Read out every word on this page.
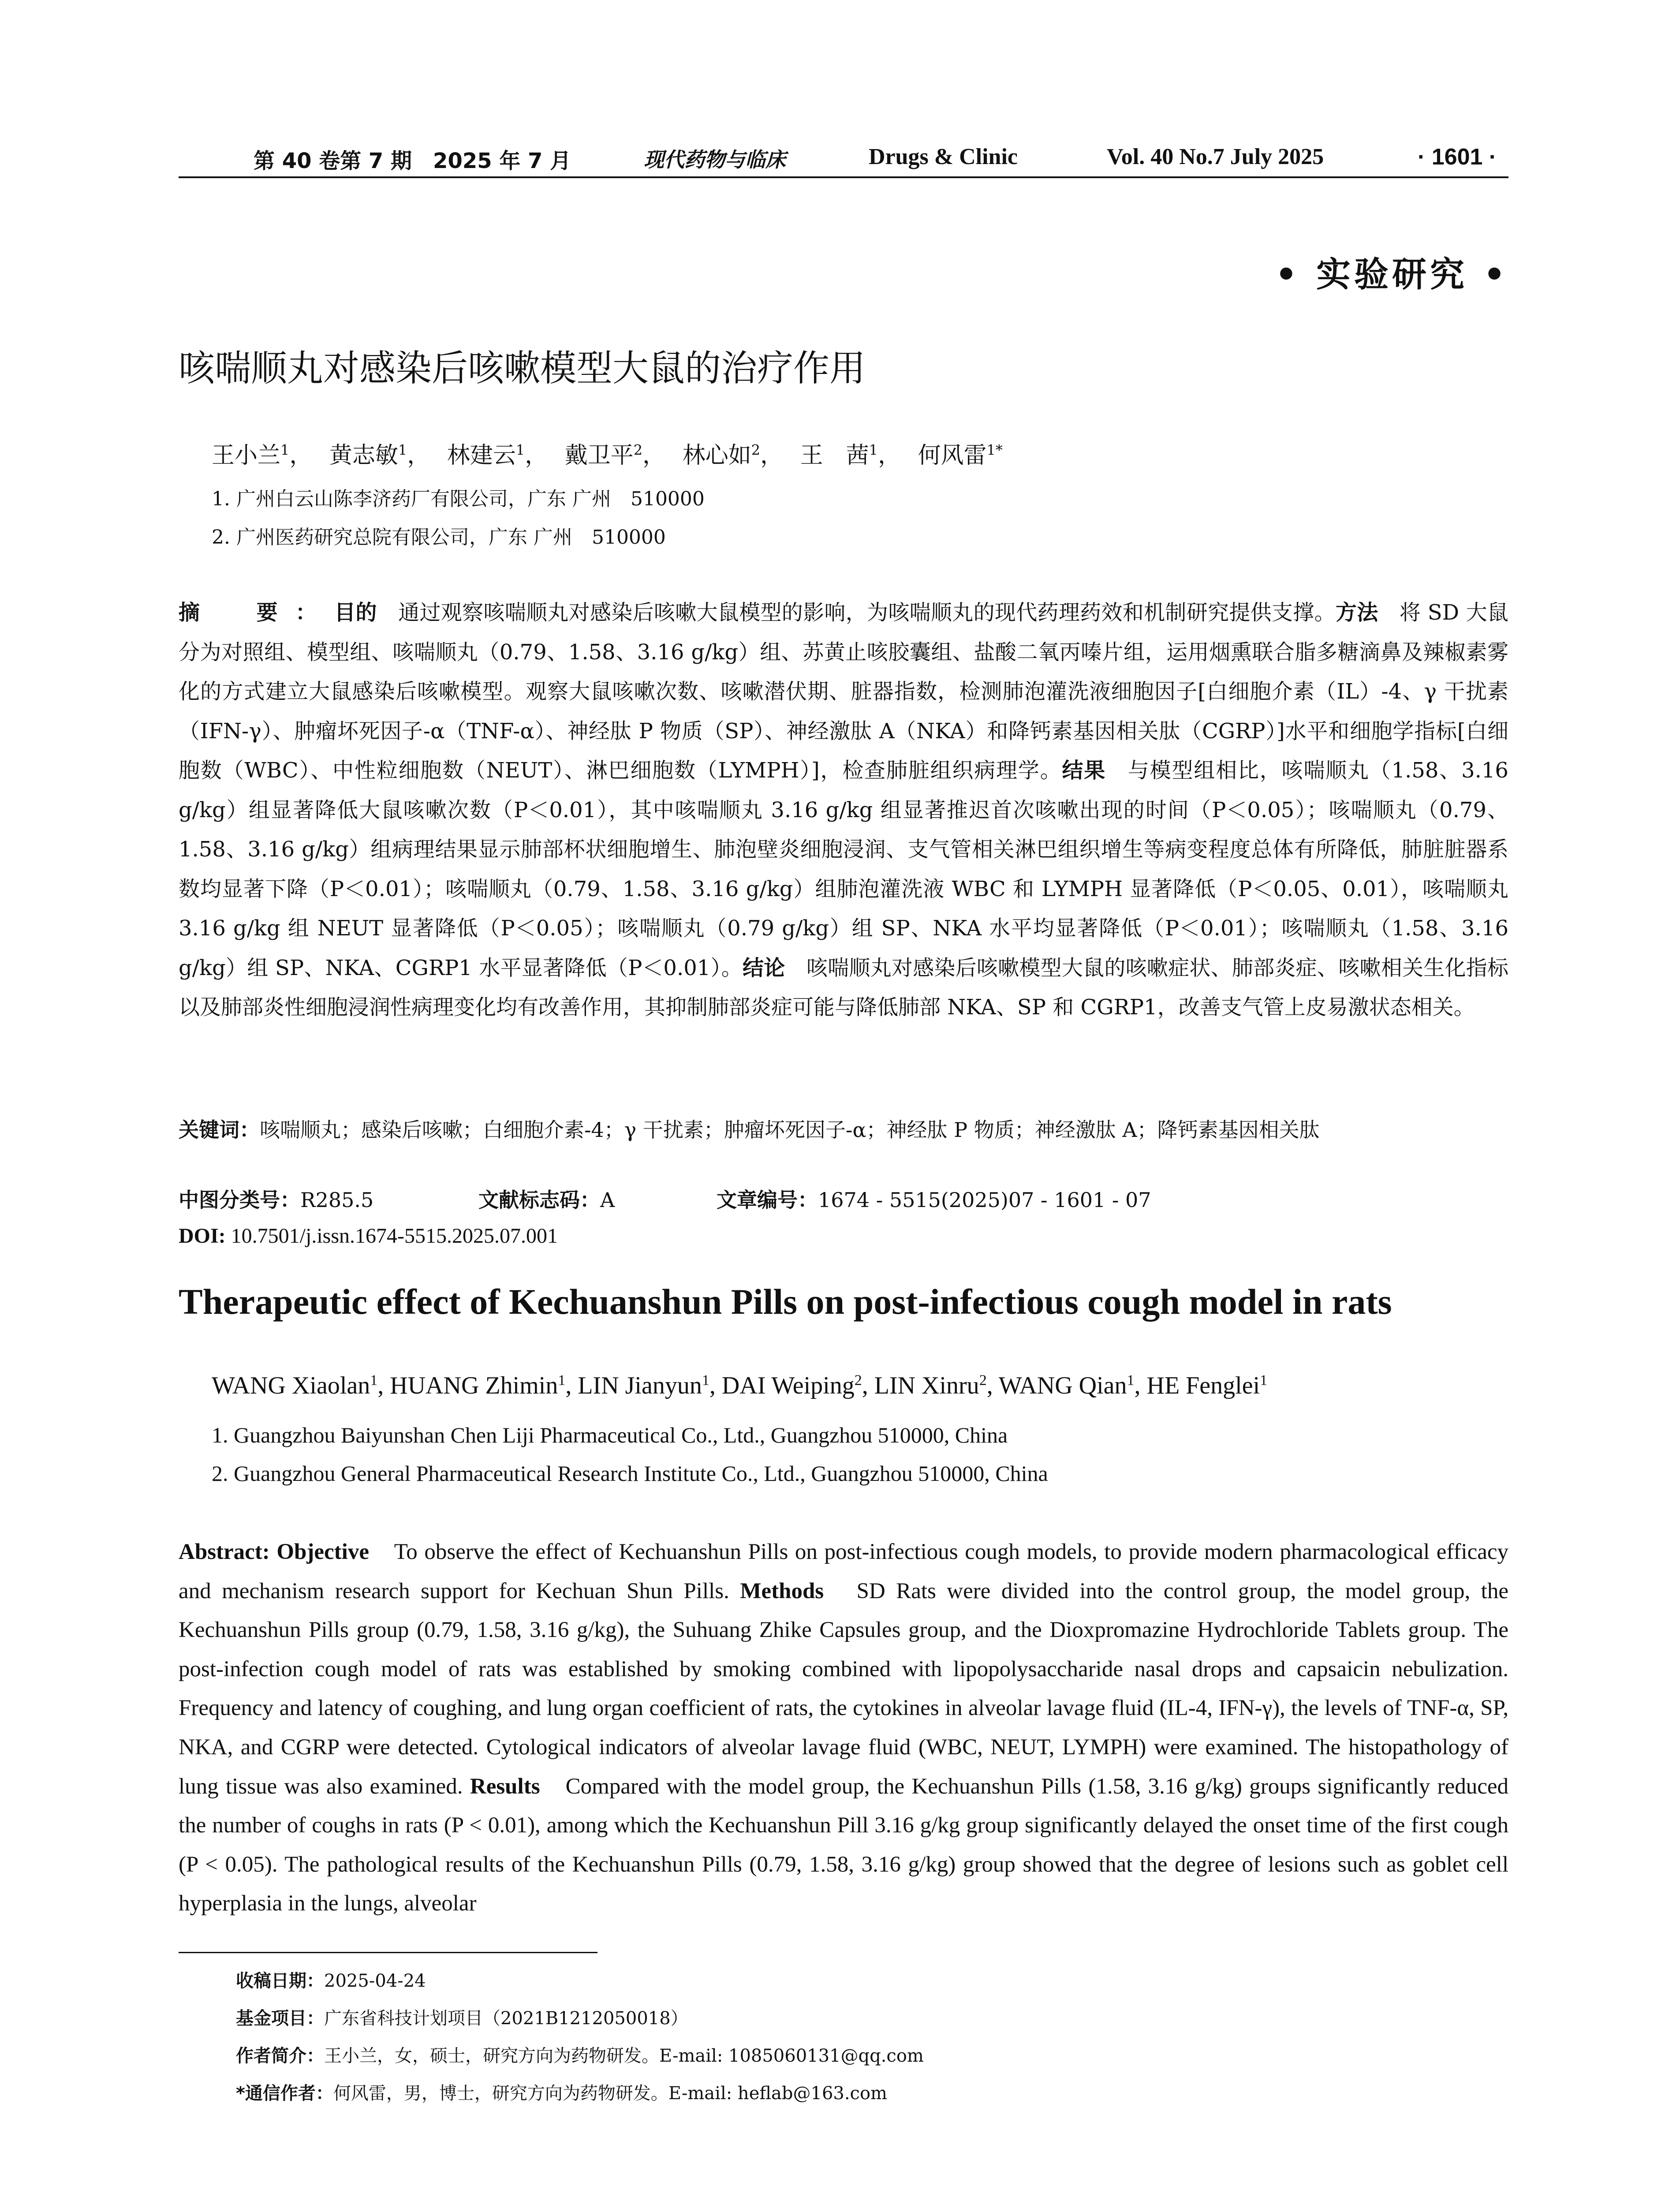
第 40 卷第 7 期　2025 年 7 月	现代药物与临床	Drugs & Clinic	Vol. 40 No.7 July 2025	· 1601 ·
• 实验研究 •
咳喘顺丸对感染后咳嗽模型大鼠的治疗作用
王小兰$^1$， 黄志敏$^1$， 林建云$^1$， 戴卫平$^2$， 林心如$^2$， 王　茜$^1$， 何风雷$^{1*}$
1. 广州白云山陈李济药厂有限公司，广东 广州　510000
2. 广州医药研究总院有限公司，广东 广州　510000
摘　要：目的　通过观察咳喘顺丸对感染后咳嗽大鼠模型的影响，为咳喘顺丸的现代药理药效和机制研究提供支撑。方法　将 SD 大鼠分为对照组、模型组、咳喘顺丸（0.79、1.58、3.16 g/kg）组、苏黄止咳胶囊组、盐酸二氧丙嗪片组，运用烟熏联合脂多糖滴鼻及辣椒素雾化的方式建立大鼠感染后咳嗽模型。观察大鼠咳嗽次数、咳嗽潜伏期、脏器指数，检测肺泡灌洗液细胞因子[白细胞介素（IL）-4、γ 干扰素（IFN-γ）、肿瘤坏死因子-α（TNF-α）、神经肽 P 物质（SP）、神经激肽 A（NKA）和降钙素基因相关肽（CGRP）]水平和细胞学指标[白细胞数（WBC）、中性粒细胞数（NEUT）、淋巴细胞数（LYMPH）]，检查肺脏组织病理学。结果　与模型组相比，咳喘顺丸（1.58、3.16 g/kg）组显著降低大鼠咳嗽次数（P＜0.01），其中咳喘顺丸 3.16 g/kg 组显著推迟首次咳嗽出现的时间（P＜0.05）；咳喘顺丸（0.79、1.58、3.16 g/kg）组病理结果显示肺部杯状细胞增生、肺泡壁炎细胞浸润、支气管相关淋巴组织增生等病变程度总体有所降低，肺脏脏器系数均显著下降（P＜0.01）；咳喘顺丸（0.79、1.58、3.16 g/kg）组肺泡灌洗液 WBC 和 LYMPH 显著降低（P＜0.05、0.01），咳喘顺丸 3.16 g/kg 组 NEUT 显著降低（P＜0.05）；咳喘顺丸（0.79 g/kg）组 SP、NKA 水平均显著降低（P＜0.01）；咳喘顺丸（1.58、3.16 g/kg）组 SP、NKA、CGRP1 水平显著降低（P＜0.01）。结论　咳喘顺丸对感染后咳嗽模型大鼠的咳嗽症状、肺部炎症、咳嗽相关生化指标以及肺部炎性细胞浸润性病理变化均有改善作用，其抑制肺部炎症可能与降低肺部 NKA、SP 和 CGRP1，改善支气管上皮易激状态相关。
关键词：咳喘顺丸；感染后咳嗽；白细胞介素-4；γ 干扰素；肿瘤坏死因子-α；神经肽 P 物质；神经激肽 A；降钙素基因相关肽
中图分类号：R285.5	文献标志码：A	文章编号：1674 - 5515(2025)07 - 1601 - 07
DOI: 10.7501/j.issn.1674-5515.2025.07.001
Therapeutic effect of Kechuanshun Pills on post-infectious cough model in rats
WANG Xiaolan$^1$, HUANG Zhimin$^1$, LIN Jianyun$^1$, DAI Weiping$^2$, LIN Xinru$^2$, WANG Qian$^1$, HE Fenglei$^1$
1. Guangzhou Baiyunshan Chen Liji Pharmaceutical Co., Ltd., Guangzhou 510000, China
2. Guangzhou General Pharmaceutical Research Institute Co., Ltd., Guangzhou 510000, China
Abstract: Objective　To observe the effect of Kechuanshun Pills on post-infectious cough models, to provide modern pharmacological efficacy and mechanism research support for Kechuan Shun Pills. Methods　SD Rats were divided into the control group, the model group, the Kechuanshun Pills group (0.79, 1.58, 3.16 g/kg), the Suhuang Zhike Capsules group, and the Dioxpromazine Hydrochloride Tablets group. The post-infection cough model of rats was established by smoking combined with lipopolysaccharide nasal drops and capsaicin nebulization. Frequency and latency of coughing, and lung organ coefficient of rats, the cytokines in alveolar lavage fluid (IL-4, IFN-γ), the levels of TNF-α, SP, NKA, and CGRP were detected. Cytological indicators of alveolar lavage fluid (WBC, NEUT, LYMPH) were examined. The histopathology of lung tissue was also examined. Results　Compared with the model group, the Kechuanshun Pills (1.58, 3.16 g/kg) groups significantly reduced the number of coughs in rats (P < 0.01), among which the Kechuanshun Pill 3.16 g/kg group significantly delayed the onset time of the first cough (P < 0.05). The pathological results of the Kechuanshun Pills (0.79, 1.58, 3.16 g/kg) group showed that the degree of lesions such as goblet cell hyperplasia in the lungs, alveolar
收稿日期：2025-04-24
基金项目：广东省科技计划项目（2021B1212050018）
作者简介：王小兰，女，硕士，研究方向为药物研发。E-mail: 1085060131@qq.com
*通信作者：何风雷，男，博士，研究方向为药物研发。E-mail: heflab@163.com
